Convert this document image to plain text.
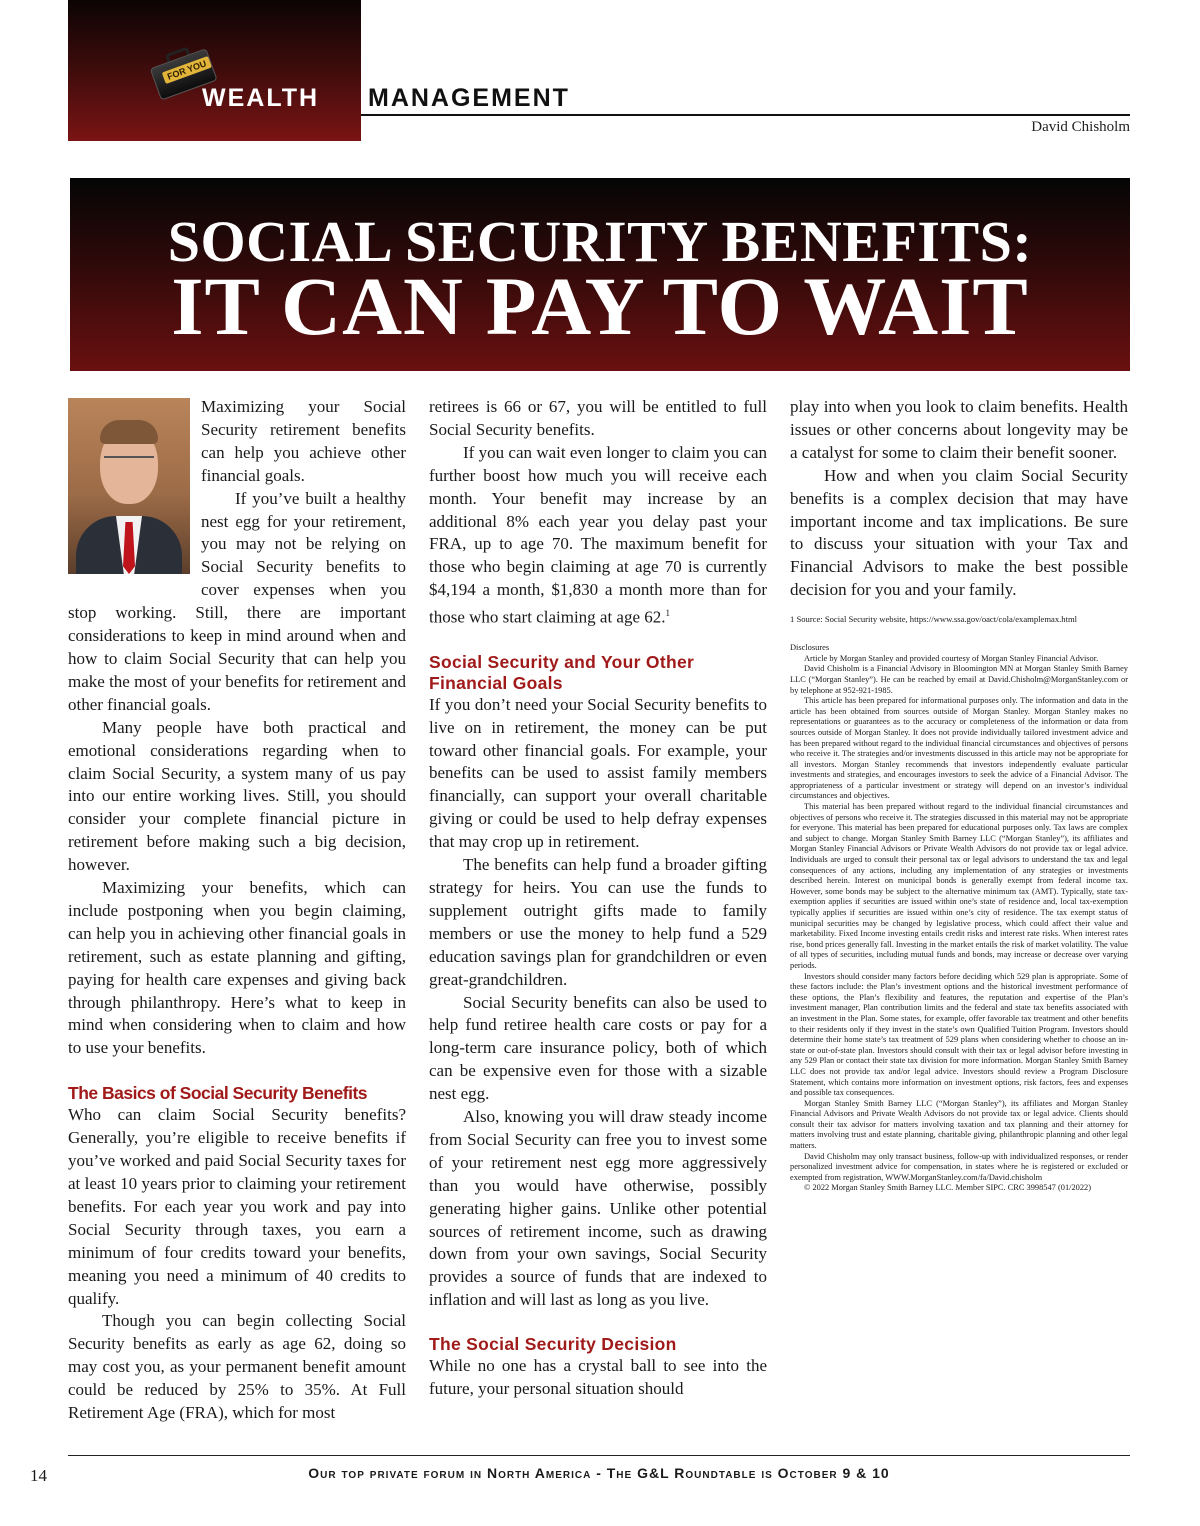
FOR YOU
WEALTH MANAGEMENT
David Chisholm
SOCIAL SECURITY BENEFITS:
IT CAN PAY TO WAIT

Maximizing your Social Security retirement benefits can help you achieve other financial goals.

If you’ve built a healthy nest egg for your retirement, you may not be relying on Social Security benefits to cover expenses when you stop working. Still, there are important considerations to keep in mind around when and how to claim Social Security that can help you make the most of your benefits for retirement and other financial goals.

Many people have both practical and emotional considerations regarding when to claim Social Security, a system many of us pay into our entire working lives. Still, you should consider your complete financial picture in retirement before making such a big decision, however.

Maximizing your benefits, which can include postponing when you begin claiming, can help you in achieving other financial goals in retirement, such as estate planning and gifting, paying for health care expenses and giving back through philanthropy. Here’s what to keep in mind when considering when to claim and how to use your benefits.

The Basics of Social Security Benefits

Who can claim Social Security benefits? Generally, you’re eligible to receive benefits if you’ve worked and paid Social Security taxes for at least 10 years prior to claiming your retirement benefits. For each year you work and pay into Social Security through taxes, you earn a minimum of four credits toward your benefits, meaning you need a minimum of 40 credits to qualify.

Though you can begin collecting Social Security benefits as early as age 62, doing so may cost you, as your permanent benefit amount could be reduced by 25% to 35%. At Full Retirement Age (FRA), which for most

retirees is 66 or 67, you will be entitled to full Social Security benefits.

If you can wait even longer to claim you can further boost how much you will receive each month. Your benefit may increase by an additional 8% each year you delay past your FRA, up to age 70. The maximum benefit for those who begin claiming at age 70 is currently $4,194 a month, $1,830 a month more than for those who start claiming at age 62.$^1$

Social Security and Your Other Financial Goals

If you don’t need your Social Security benefits to live on in retirement, the money can be put toward other financial goals. For example, your benefits can be used to assist family members financially, can support your overall charitable giving or could be used to help defray expenses that may crop up in retirement.

The benefits can help fund a broader gifting strategy for heirs. You can use the funds to supplement outright gifts made to family members or use the money to help fund a 529 education savings plan for grandchildren or even great-grandchildren.

Social Security benefits can also be used to help fund retiree health care costs or pay for a long-term care insurance policy, both of which can be expensive even for those with a sizable nest egg.

Also, knowing you will draw steady income from Social Security can free you to invest some of your retirement nest egg more aggressively than you would have otherwise, possibly generating higher gains. Unlike other potential sources of retirement income, such as drawing down from your own savings, Social Security provides a source of funds that are indexed to inflation and will last as long as you live.

The Social Security Decision

While no one has a crystal ball to see into the future, your personal situation should

play into when you look to claim benefits. Health issues or other concerns about longevity may be a catalyst for some to claim their benefit sooner.

How and when you claim Social Security benefits is a complex decision that may have important income and tax implications. Be sure to discuss your situation with your Tax and Financial Advisors to make the best possible decision for you and your family.

1 Source: Social Security website, https://www.ssa.gov/oact/cola/examplemax.html
Disclosures

Article by Morgan Stanley and provided courtesy of Morgan Stanley Financial Advisor.

David Chisholm is a Financial Advisory in Bloomington MN at Morgan Stanley Smith Barney LLC (“Morgan Stanley”). He can be reached by email at David.Chisholm@MorganStanley.com or by telephone at 952-921-1985.

This article has been prepared for informational purposes only. The information and data in the article has been obtained from sources outside of Morgan Stanley. Morgan Stanley makes no representations or guarantees as to the accuracy or completeness of the information or data from sources outside of Morgan Stanley. It does not provide individually tailored investment advice and has been prepared without regard to the individual financial circumstances and objectives of persons who receive it. The strategies and/or investments discussed in this article may not be appropriate for all investors. Morgan Stanley recommends that investors independently evaluate particular investments and strategies, and encourages investors to seek the advice of a Financial Advisor. The appropriateness of a particular investment or strategy will depend on an investor’s individual circumstances and objectives.

This material has been prepared without regard to the individual financial circumstances and objectives of persons who receive it. The strategies discussed in this material may not be appropriate for everyone. This material has been prepared for educational purposes only. Tax laws are complex and subject to change. Morgan Stanley Smith Barney LLC (“Morgan Stanley”), its affiliates and Morgan Stanley Financial Advisors or Private Wealth Advisors do not provide tax or legal advice. Individuals are urged to consult their personal tax or legal advisors to understand the tax and legal consequences of any actions, including any implementation of any strategies or investments described herein. Interest on municipal bonds is generally exempt from federal income tax. However, some bonds may be subject to the alternative minimum tax (AMT). Typically, state tax-exemption applies if securities are issued within one’s state of residence and, local tax-exemption typically applies if securities are issued within one’s city of residence. The tax exempt status of municipal securities may be changed by legislative process, which could affect their value and marketability. Fixed Income investing entails credit risks and interest rate risks. When interest rates rise, bond prices generally fall. Investing in the market entails the risk of market volatility. The value of all types of securities, including mutual funds and bonds, may increase or decrease over varying periods.

Investors should consider many factors before deciding which 529 plan is appropriate. Some of these factors include: the Plan’s investment options and the historical investment performance of these options, the Plan’s flexibility and features, the reputation and expertise of the Plan’s investment manager, Plan contribution limits and the federal and state tax benefits associated with an investment in the Plan. Some states, for example, offer favorable tax treatment and other benefits to their residents only if they invest in the state’s own Qualified Tuition Program. Investors should determine their home state’s tax treatment of 529 plans when considering whether to choose an in-state or out-of-state plan. Investors should consult with their tax or legal advisor before investing in any 529 Plan or contact their state tax division for more information. Morgan Stanley Smith Barney LLC does not provide tax and/or legal advice. Investors should review a Program Disclosure Statement, which contains more information on investment options, risk factors, fees and expenses and possible tax consequences.

Morgan Stanley Smith Barney LLC (“Morgan Stanley”), its affiliates and Morgan Stanley Financial Advisors and Private Wealth Advisors do not provide tax or legal advice. Clients should consult their tax advisor for matters involving taxation and tax planning and their attorney for matters involving trust and estate planning, charitable giving, philanthropic planning and other legal matters.

David Chisholm may only transact business, follow-up with individualized responses, or render personalized investment advice for compensation, in states where he is registered or excluded or exempted from registration, WWW.MorganStanley.com/fa/David.chisholm

© 2022 Morgan Stanley Smith Barney LLC. Member SIPC. CRC 3998547 (01/2022)

14	Our top private forum in North America - The G&L Roundtable is October 9 & 10
